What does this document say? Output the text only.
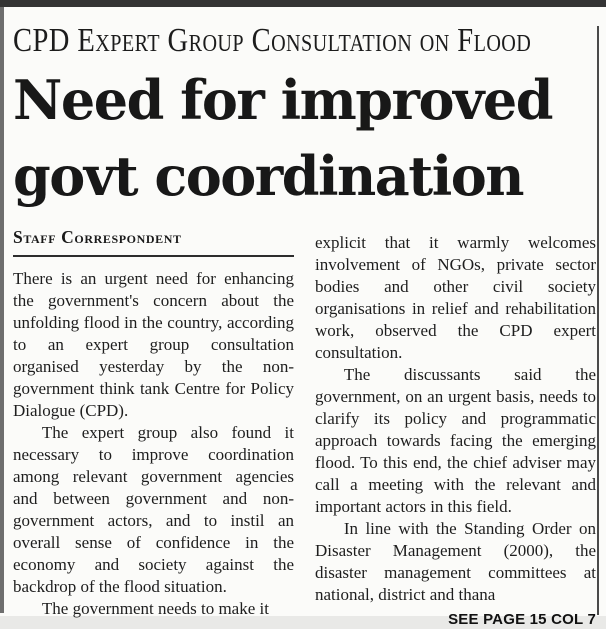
CPD Expert Group Consultation on Flood
Need for improved
govt coordination
Staff Correspondent

There is an urgent need for enhancing the government's concern about the unfolding flood in the country, according to an expert group consultation organised yesterday by the non-government think tank Centre for Policy Dialogue (CPD).

The expert group also found it necessary to improve coordination among relevant government agencies and between government and non-government actors, and to instil an overall sense of confidence in the economy and society against the backdrop of the flood situation.

The government needs to make it

explicit that it warmly welcomes involvement of NGOs, private sector bodies and other civil society organisations in relief and rehabilitation work, observed the CPD expert consultation.

The discussants said the government, on an urgent basis, needs to clarify its policy and programmatic approach towards facing the emerging flood. To this end, the chief adviser may call a meeting with the relevant and important actors in this field.

In line with the Standing Order on Disaster Management (2000), the disaster management committees at national, district and thana

SEE PAGE 15 COL 7
